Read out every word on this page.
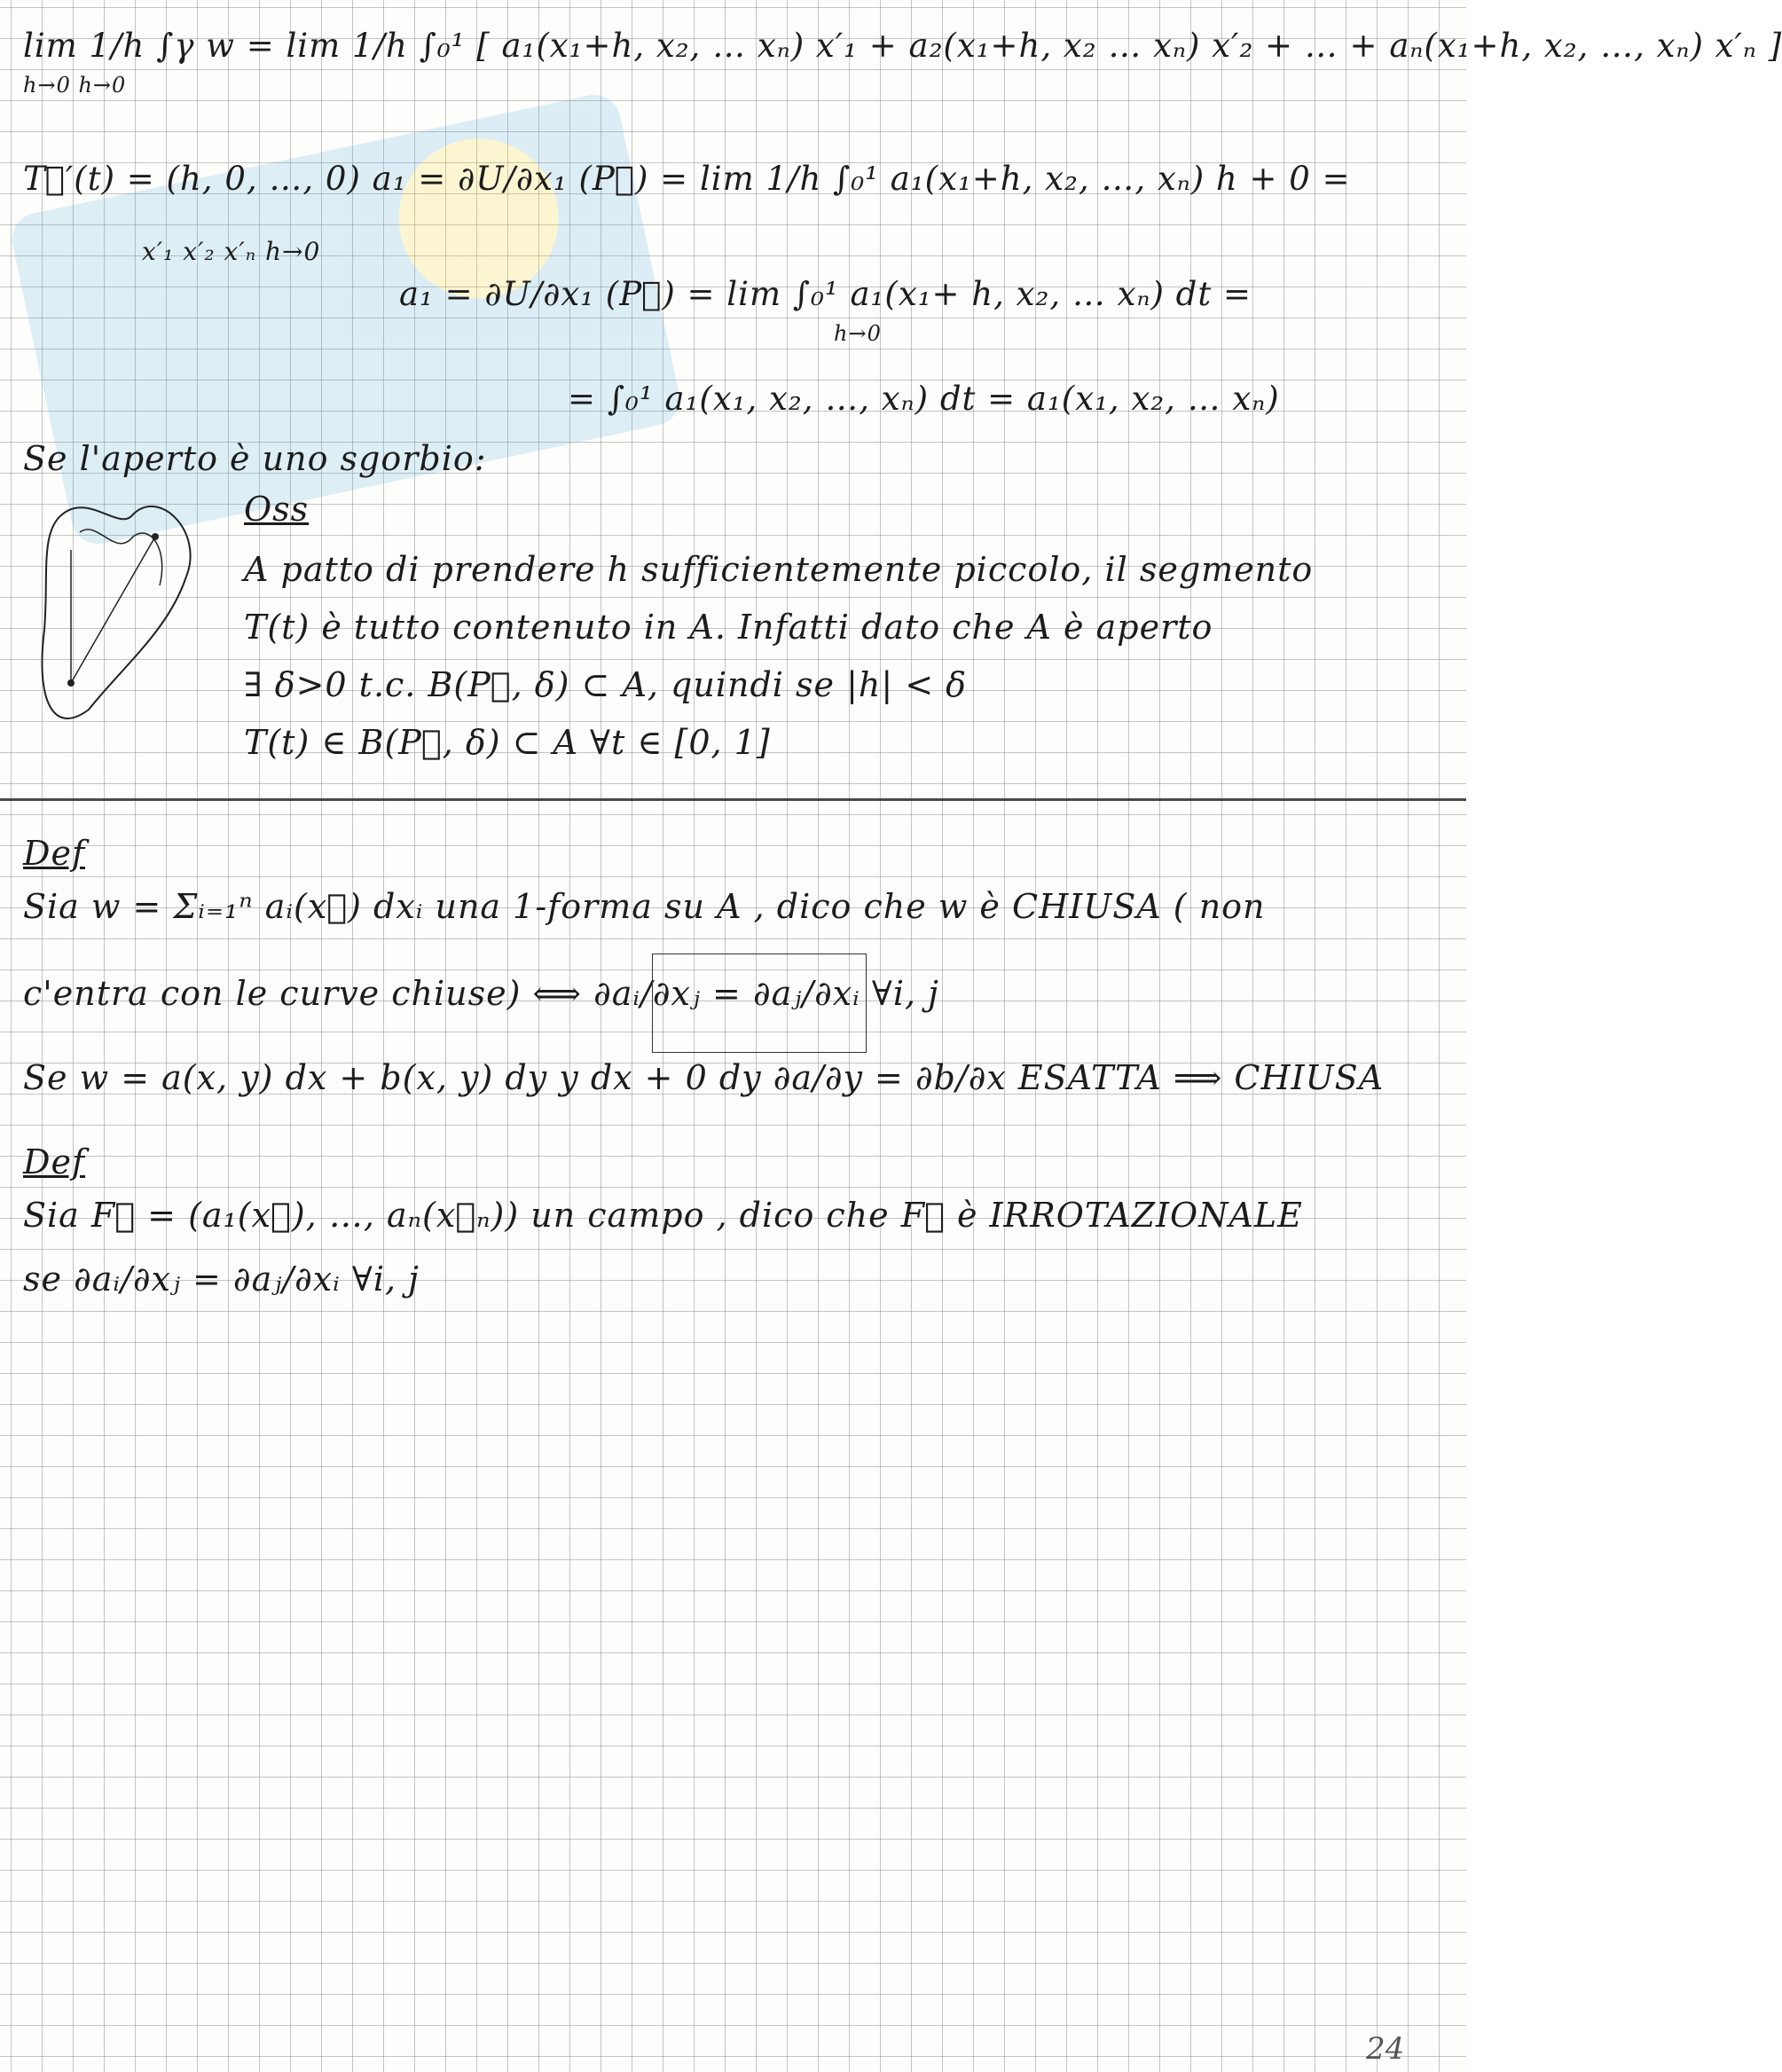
lim 1/h ∫γ w = lim 1/h ∫₀¹ [ a₁(x₁+h, x₂, … xₙ) x′₁ + a₂(x₁+h, x₂ … xₙ) x′₂ + … + aₙ(x₁+h, x₂, …, xₙ) x′ₙ ]
h→0 h→0
T⃗′(t) = (h, 0, …, 0) a₁ = ∂U/∂x₁ (P⃗) = lim 1/h ∫₀¹ a₁(x₁+h, x₂, …, xₙ) h + 0 =
x′₁ x′₂ x′ₙ h→0
a₁ = ∂U/∂x₁ (P⃗) = lim ∫₀¹ a₁(x₁+ h, x₂, … xₙ) dt =
h→0
= ∫₀¹ a₁(x₁, x₂, …, xₙ) dt = a₁(x₁, x₂, … xₙ)
Se l'aperto è uno sgorbio:
Oss
A patto di prendere h sufficientemente piccolo, il segmento
T(t) è tutto contenuto in A. Infatti dato che A è aperto
∃ δ>0 t.c. B(P⃗, δ) ⊂ A, quindi se |h| < δ
T(t) ∈ B(P⃗, δ) ⊂ A ∀t ∈ [0, 1]
Def
Sia w = Σᵢ₌₁ⁿ aᵢ(x⃗) dxᵢ una 1-forma su A , dico che w è CHIUSA ( non
c'entra con le curve chiuse) ⟺ ∂aᵢ/∂xⱼ = ∂aⱼ/∂xᵢ ∀i, j
Se w = a(x, y) dx + b(x, y) dy y dx + 0 dy ∂a/∂y = ∂b/∂x ESATTA ⟹ CHIUSA
Def
Sia F⃗ = (a₁(x⃗), …, aₙ(x⃗ₙ)) un campo , dico che F⃗ è IRROTAZIONALE
se ∂aᵢ/∂xⱼ = ∂aⱼ/∂xᵢ ∀i, j
24
